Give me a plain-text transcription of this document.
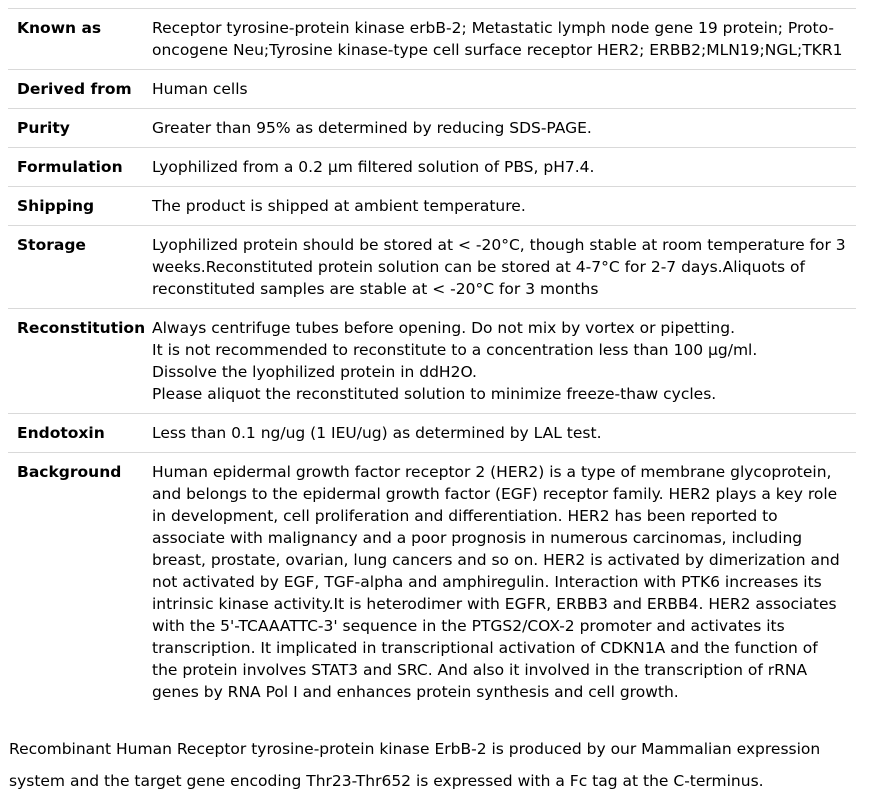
Known as	Receptor tyrosine-protein kinase erbB-2; Metastatic lymph node gene 19 protein; Proto-oncogene Neu;Tyrosine kinase-type cell surface receptor HER2; ERBB2;MLN19;NGL;TKR1
Derived from	Human cells
Purity	Greater than 95% as determined by reducing SDS-PAGE.
Formulation	Lyophilized from a 0.2 μm filtered solution of PBS, pH7.4.
Shipping	The product is shipped at ambient temperature.
Storage	Lyophilized protein should be stored at < -20°C, though stable at room temperature for 3 weeks.Reconstituted protein solution can be stored at 4-7°C for 2-7 days.Aliquots of reconstituted samples are stable at < -20°C for 3 months
Reconstitution	Always centrifuge tubes before opening. Do not mix by vortex or pipetting.
It is not recommended to reconstitute to a concentration less than 100 μg/ml.
Dissolve the lyophilized protein in ddH2O.
Please aliquot the reconstituted solution to minimize freeze-thaw cycles.

Endotoxin	Less than 0.1 ng/ug (1 IEU/ug) as determined by LAL test.
Background	Human epidermal growth factor receptor 2 (HER2) is a type of membrane glycoprotein, and belongs to the epidermal growth factor (EGF) receptor family. HER2 plays a key role in development, cell proliferation and differentiation. HER2 has been reported to associate with malignancy and a poor prognosis in numerous carcinomas, including breast, prostate, ovarian, lung cancers and so on. HER2 is activated by dimerization and not activated by EGF, TGF-alpha and amphiregulin. Interaction with PTK6 increases its intrinsic kinase activity.It is heterodimer with EGFR, ERBB3 and ERBB4. HER2 associates with the 5'-TCAAATTC-3' sequence in the PTGS2/COX-2 promoter and activates its transcription. It implicated in transcriptional activation of CDKN1A and the function of the protein involves STAT3 and SRC. And also it involved in the transcription of rRNA genes by RNA Pol I and enhances protein synthesis and cell growth.

Recombinant Human Receptor tyrosine-protein kinase ErbB-2 is produced by our Mammalian expression system and the target gene encoding Thr23-Thr652 is expressed with a Fc tag at the C-terminus.
